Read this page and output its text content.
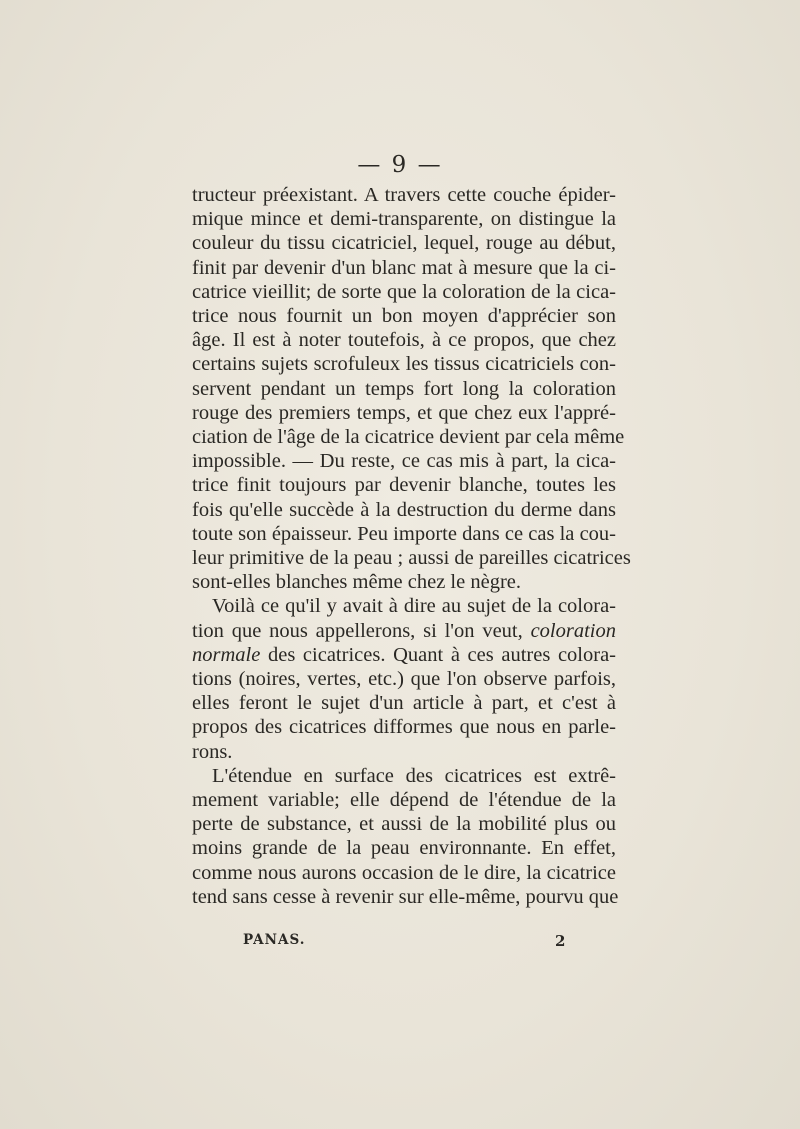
— 9 —
tructeur préexistant. A travers cette couche épider-
mique mince et demi-transparente, on distingue la
couleur du tissu cicatriciel, lequel, rouge au début,
finit par devenir d'un blanc mat à mesure que la ci-
catrice vieillit; de sorte que la coloration de la cica-
trice nous fournit un bon moyen d'apprécier son
âge. Il est à noter toutefois, à ce propos, que chez
certains sujets scrofuleux les tissus cicatriciels con-
servent pendant un temps fort long la coloration
rouge des premiers temps, et que chez eux l'appré-
ciation de l'âge de la cicatrice devient par cela même
impossible. — Du reste, ce cas mis à part, la cica-
trice finit toujours par devenir blanche, toutes les
fois qu'elle succède à la destruction du derme dans
toute son épaisseur. Peu importe dans ce cas la cou-
leur primitive de la peau ; aussi de pareilles cicatrices
sont-elles blanches même chez le nègre.
Voilà ce qu'il y avait à dire au sujet de la colora-
tion que nous appellerons, si l'on veut, coloration
normale des cicatrices. Quant à ces autres colora-
tions (noires, vertes, etc.) que l'on observe parfois,
elles feront le sujet d'un article à part, et c'est à
propos des cicatrices difformes que nous en parle-
rons.
L'étendue en surface des cicatrices est extrê-
mement variable; elle dépend de l'étendue de la
perte de substance, et aussi de la mobilité plus ou
moins grande de la peau environnante. En effet,
comme nous aurons occasion de le dire, la cicatrice
tend sans cesse à revenir sur elle-même, pourvu que
PANAS.	2
